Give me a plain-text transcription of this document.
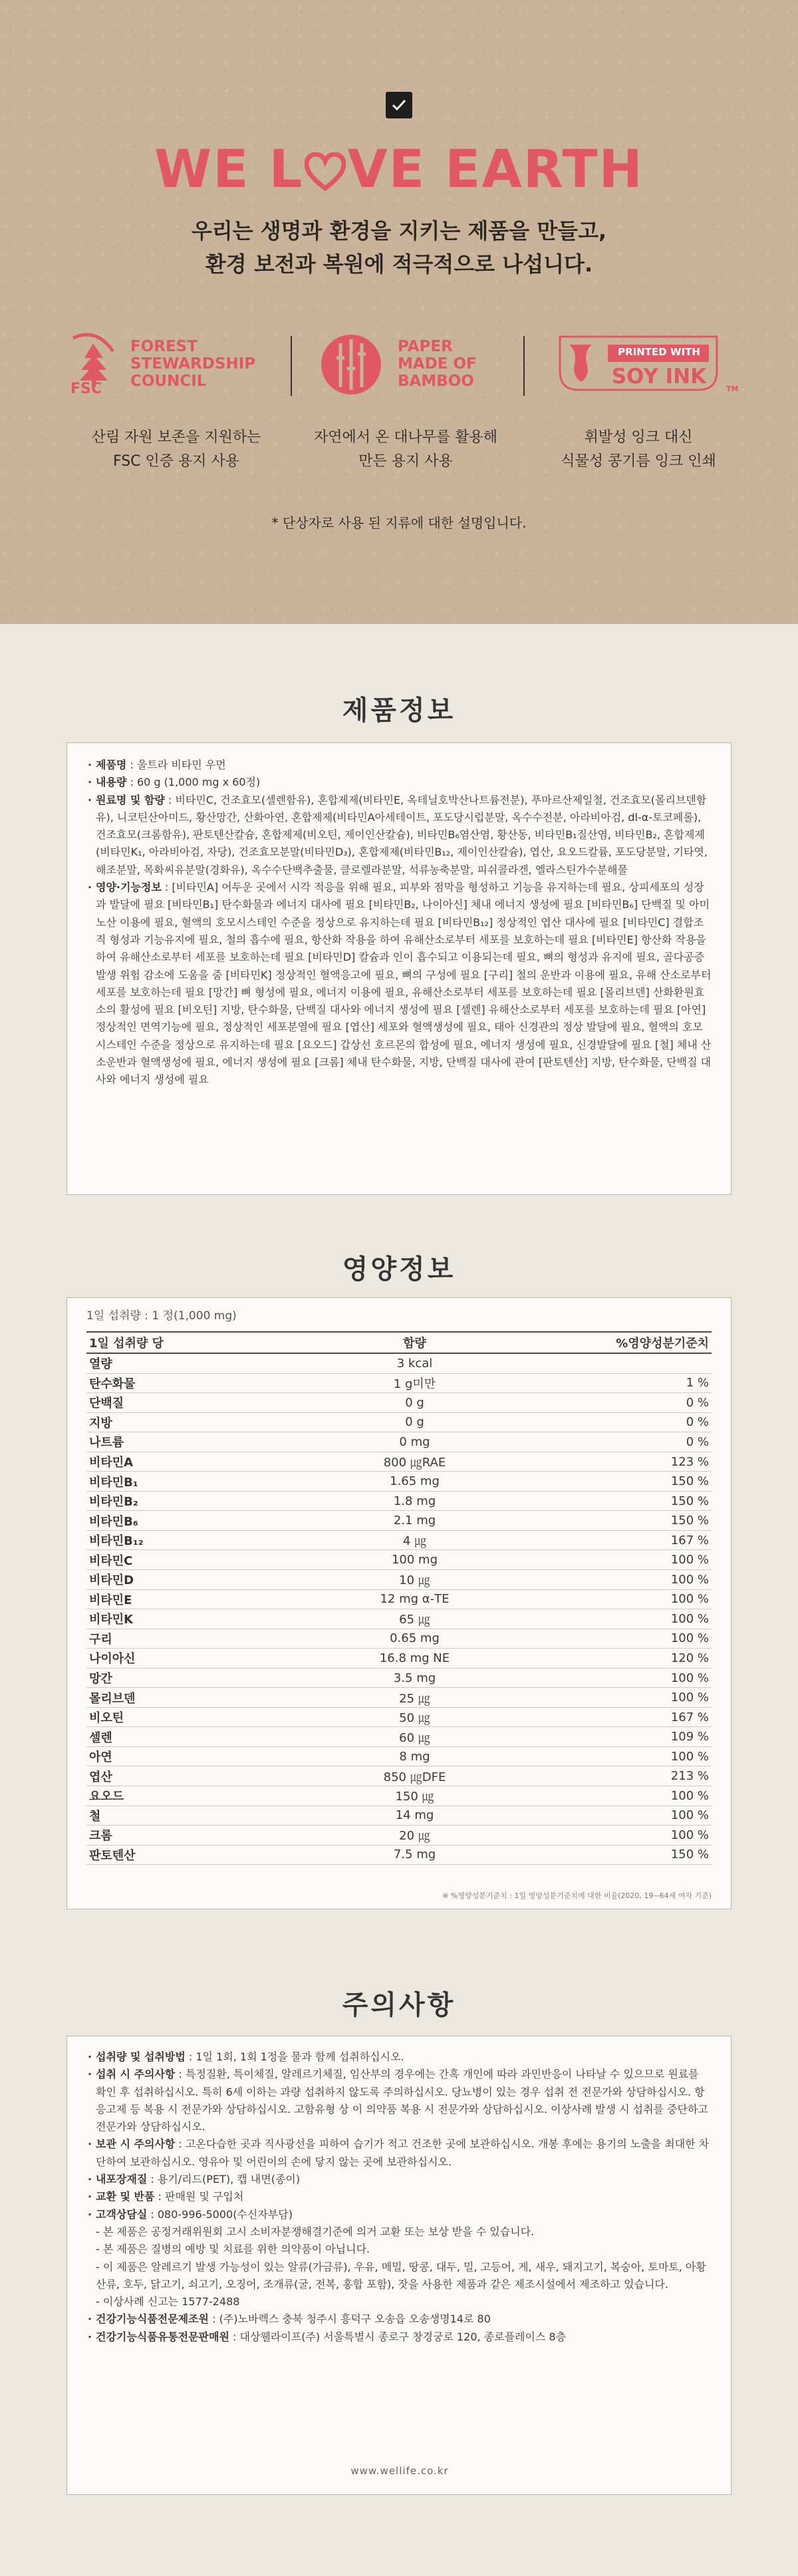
WE L VE EARTH
우리는 생명과 환경을 지키는 제품을 만들고,
환경 보전과 복원에 적극적으로 나섭니다.
FSC
FOREST
STEWARDSHIP
COUNCIL
PAPER
MADE OF
BAMBOO
PRINTED WITH
SOY INK
TM
산림 자원 보존을 지원하는
FSC 인증 용지 사용
자연에서 온 대나무를 활용해
만든 용지 사용
휘발성 잉크 대신
식물성 콩기름 잉크 인쇄
* 단상자로 사용 된 지류에 대한 설명입니다.
제품정보
· 제품명 : 울트라 비타민 우먼
· 내용량 : 60 g (1,000 mg x 60정)
· 원료명 및 함량 : 비타민C, 건조효모(셀렌함유), 혼합제제(비타민E, 옥테닐호박산나트륨전분), 푸마르산제일철, 건조효모(몰리브덴함유), 니코틴산아미드, 황산망간, 산화아연, 혼합제제(비타민A아세테이트, 포도당시럽분말, 옥수수전분, 아라비아검, dl-α-토코페롤), 건조효모(크롬함유), 판토텐산칼슘, 혼합제제(비오틴, 제이인산칼슘), 비타민B₆염산염, 황산동, 비타민B₁질산염, 비타민B₂, 혼합제제(비타민K₁, 아라비아검, 자당), 건조효모분말(비타민D₃), 혼합제제(비타민B₁₂, 제이인산칼슘), 엽산, 요오드칼륨, 포도당분말, 기타엿, 해조분말, 목화씨유분말(경화유), 옥수수단백추출물, 클로렐라분말, 석류농축분말, 피쉬콜라겐, 엘라스틴가수분해물
· 영양·기능정보 : [비타민A] 어두운 곳에서 시각 적응을 위해 필요, 피부와 점막을 형성하고 기능을 유지하는데 필요, 상피세포의 성장과 발달에 필요 [비타민B₁] 탄수화물과 에너지 대사에 필요 [비타민B₂, 나이아신] 체내 에너지 생성에 필요 [비타민B₆] 단백질 및 아미노산 이용에 필요, 혈액의 호모시스테인 수준을 정상으로 유지하는데 필요 [비타민B₁₂] 정상적인 엽산 대사에 필요 [비타민C] 결합조직 형성과 기능유지에 필요, 철의 흡수에 필요, 항산화 작용을 하여 유해산소로부터 세포를 보호하는데 필요 [비타민E] 항산화 작용을 하여 유해산소로부터 세포를 보호하는데 필요 [비타민D] 칼슘과 인이 흡수되고 이용되는데 필요, 뼈의 형성과 유지에 필요, 골다공증발생 위험 감소에 도움을 줌 [비타민K] 정상적인 혈액응고에 필요, 뼈의 구성에 필요 [구리] 철의 운반과 이용에 필요, 유해 산소로부터 세포를 보호하는데 필요 [망간] 뼈 형성에 필요, 에너지 이용에 필요, 유해산소로부터 세포를 보호하는데 필요 [몰리브덴] 산화환원효소의 활성에 필요 [비오틴] 지방, 탄수화물, 단백질 대사와 에너지 생성에 필요 [셀렌] 유해산소로부터 세포를 보호하는데 필요 [아연] 정상적인 면역기능에 필요, 정상적인 세포분열에 필요 [엽산] 세포와 혈액생성에 필요, 태아 신경관의 정상 발달에 필요, 혈액의 호모시스테인 수준을 정상으로 유지하는데 필요 [요오드] 갑상선 호르몬의 합성에 필요, 에너지 생성에 필요, 신경발달에 필요 [철] 체내 산소운반과 혈액생성에 필요, 에너지 생성에 필요 [크롬] 체내 탄수화물, 지방, 단백질 대사에 관여 [판토텐산] 지방, 탄수화물, 단백질 대사와 에너지 생성에 필요
영양정보
1일 섭취량 : 1 정(1,000 mg)
1일 섭취량 당	함량	%영양성분기준치
열량	3 kcal	
탄수화물	1 g미만	1 %
단백질	0 g	0 %
지방	0 g	0 %
나트륨	0 mg	0 %
비타민A	800 ㎍RAE	123 %
비타민B₁	1.65 mg	150 %
비타민B₂	1.8 mg	150 %
비타민B₆	2.1 mg	150 %
비타민B₁₂	4 ㎍	167 %
비타민C	100 mg	100 %
비타민D	10 ㎍	100 %
비타민E	12 mg α-TE	100 %
비타민K	65 ㎍	100 %
구리	0.65 mg	100 %
나이아신	16.8 mg NE	120 %
망간	3.5 mg	100 %
몰리브덴	25 ㎍	100 %
비오틴	50 ㎍	167 %
셀렌	60 ㎍	109 %
아연	8 mg	100 %
엽산	850 ㎍DFE	213 %
요오드	150 ㎍	100 %
철	14 mg	100 %
크롬	20 ㎍	100 %
판토텐산	7.5 mg	150 %
※ %영양성분기준치 : 1일 영양성분기준치에 대한 비율(2020, 19~64세 여자 기준)
주의사항
· 섭취량 및 섭취방법 : 1일 1회, 1회 1정을 물과 함께 섭취하십시오.
· 섭취 시 주의사항 : 특정질환, 특이체질, 알레르기체질, 임산부의 경우에는 간혹 개인에 따라 과민반응이 나타날 수 있으므로 원료를 확인 후 섭취하십시오. 특히 6세 이하는 과량 섭취하지 않도록 주의하십시오. 당뇨병이 있는 경우 섭취 전 전문가와 상담하십시오. 항응고제 등 복용 시 전문가와 상담하십시오. 고함유형 상 이 의약품 복용 시 전문가와 상담하십시오. 이상사례 발생 시 섭취를 중단하고 전문가와 상담하십시오.
· 보관 시 주의사항 : 고온다습한 곳과 직사광선을 피하여 습기가 적고 건조한 곳에 보관하십시오. 개봉 후에는 용기의 노출을 최대한 차단하여 보관하십시오. 영유아 및 어린이의 손에 닿지 않는 곳에 보관하십시오.
· 내포장재질 : 용기/리드(PET), 캡 내면(종이)
· 교환 및 반품 : 판매원 및 구입처
· 고객상담실 : 080-996-5000(수신자부담)
- 본 제품은 공정거래위원회 고시 소비자분쟁해결기준에 의거 교환 또는 보상 받을 수 있습니다.
- 본 제품은 질병의 예방 및 치료를 위한 의약품이 아닙니다.
- 이 제품은 알레르기 발생 가능성이 있는 알류(가금류), 우유, 메밀, 땅콩, 대두, 밀, 고등어, 게, 새우, 돼지고기, 복숭아, 토마토, 아황산류, 호두, 닭고기, 쇠고기, 오징어, 조개류(굴, 전복, 홍합 포함), 잣을 사용한 제품과 같은 제조시설에서 제조하고 있습니다.
- 이상사례 신고는 1577-2488
· 건강기능식품전문제조원 : (주)노바렉스 충북 청주시 흥덕구 오송읍 오송생명14로 80
· 건강기능식품유통전문판매원 : 대상웰라이프(주) 서울특별시 종로구 창경궁로 120, 종로플레이스 8층
www.wellife.co.kr
